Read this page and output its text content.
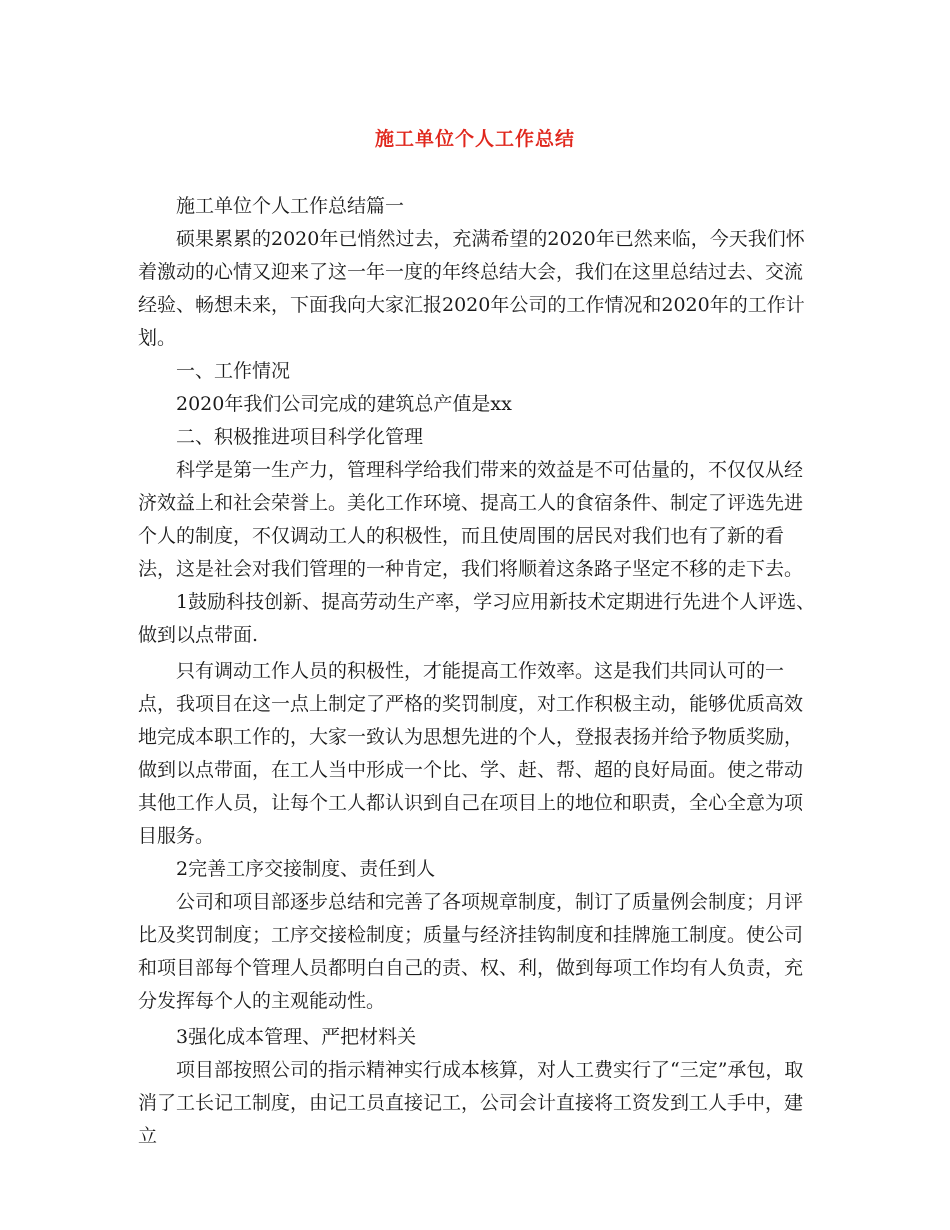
施工单位个人工作总结

施工单位个人工作总结篇一

硕果累累的2020年已悄然过去，充满希望的2020年已然来临，今天我们怀着激动的心情又迎来了这一年一度的年终总结大会，我们在这里总结过去、交流经验、畅想未来，下面我向大家汇报2020年公司的工作情况和2020年的工作计划。

一、工作情况

2020年我们公司完成的建筑总产值是xx

二、积极推进项目科学化管理

科学是第一生产力，管理科学给我们带来的效益是不可估量的，不仅仅从经济效益上和社会荣誉上。美化工作环境、提高工人的食宿条件、制定了评选先进个人的制度，不仅调动工人的积极性，而且使周围的居民对我们也有了新的看法，这是社会对我们管理的一种肯定，我们将顺着这条路子坚定不移的走下去。

1鼓励科技创新、提高劳动生产率，学习应用新技术定期进行先进个人评选、做到以点带面.

只有调动工作人员的积极性，才能提高工作效率。这是我们共同认可的一点，我项目在这一点上制定了严格的奖罚制度，对工作积极主动，能够优质高效地完成本职工作的，大家一致认为思想先进的个人，登报表扬并给予物质奖励，做到以点带面，在工人当中形成一个比、学、赶、帮、超的良好局面。使之带动其他工作人员，让每个工人都认识到自己在项目上的地位和职责，全心全意为项目服务。

2完善工序交接制度、责任到人

公司和项目部逐步总结和完善了各项规章制度，制订了质量例会制度；月评比及奖罚制度；工序交接检制度；质量与经济挂钩制度和挂牌施工制度。使公司和项目部每个管理人员都明白自己的责、权、利，做到每项工作均有人负责，充分发挥每个人的主观能动性。

3强化成本管理、严把材料关

项目部按照公司的指示精神实行成本核算，对人工费实行了“三定”承包，取消了工长记工制度，由记工员直接记工，公司会计直接将工资发到工人手中，建立
